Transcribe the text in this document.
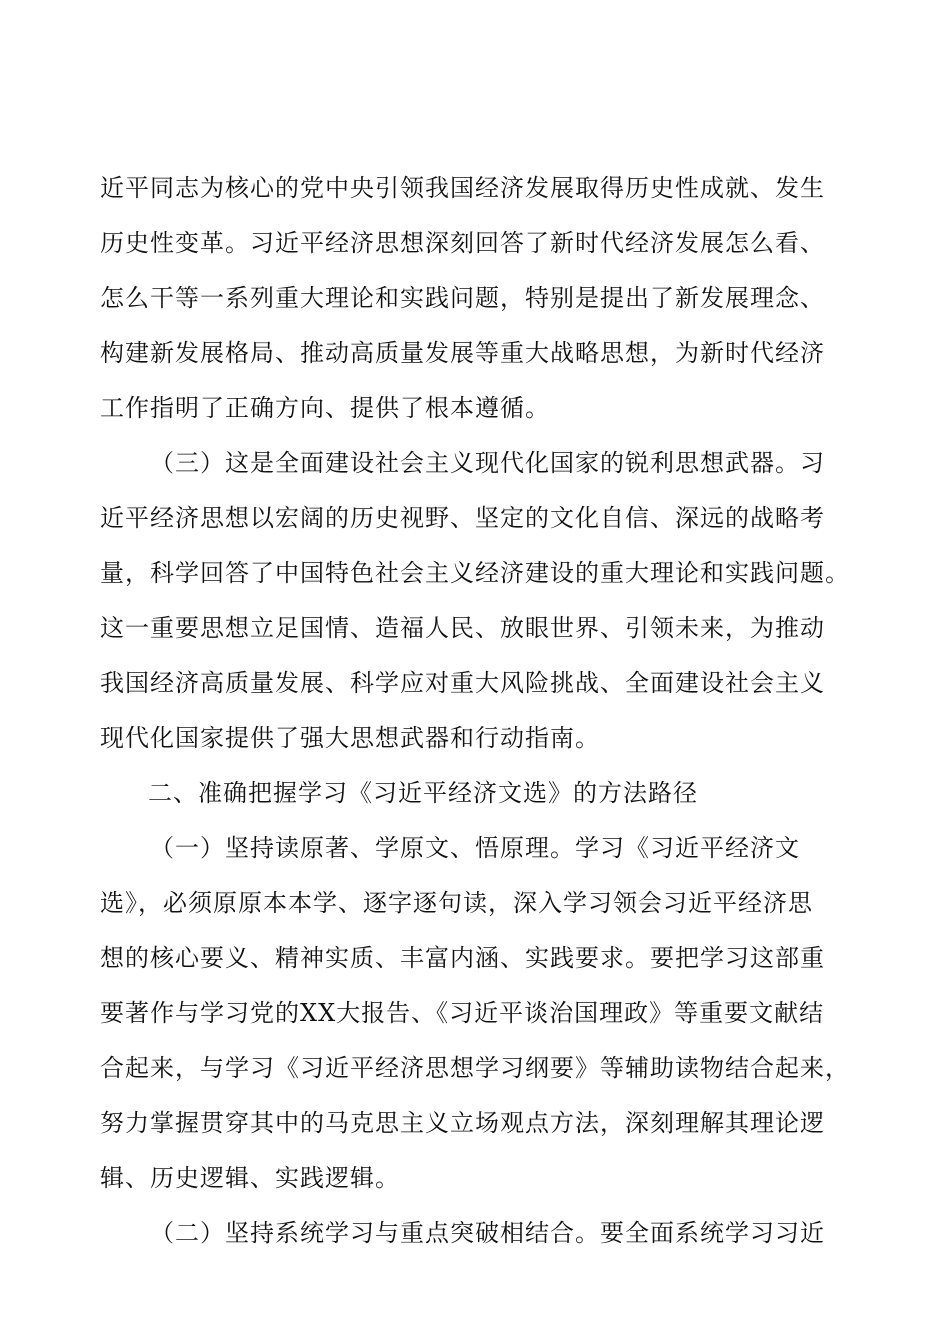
近平同志为核心的党中央引领我国经济发展取得历史性成就、发生
历史性变革。习近平经济思想深刻回答了新时代经济发展怎么看、
怎么干等一系列重大理论和实践问题，特别是提出了新发展理念、
构建新发展格局、推动高质量发展等重大战略思想，为新时代经济
工作指明了正确方向、提供了根本遵循。
（三）这是全面建设社会主义现代化国家的锐利思想武器。习
近平经济思想以宏阔的历史视野、坚定的文化自信、深远的战略考
量，科学回答了中国特色社会主义经济建设的重大理论和实践问题。
这一重要思想立足国情、造福人民、放眼世界、引领未来，为推动
我国经济高质量发展、科学应对重大风险挑战、全面建设社会主义
现代化国家提供了强大思想武器和行动指南。
二、准确把握学习《习近平经济文选》的方法路径
（一）坚持读原著、学原文、悟原理。学习《习近平经济文
选》，必须原原本本学、逐字逐句读，深入学习领会习近平经济思
想的核心要义、精神实质、丰富内涵、实践要求。要把学习这部重
要著作与学习党的XX大报告、《习近平谈治国理政》等重要文献结
合起来，与学习《习近平经济思想学习纲要》等辅助读物结合起来，
努力掌握贯穿其中的马克思主义立场观点方法，深刻理解其理论逻
辑、历史逻辑、实践逻辑。
（二）坚持系统学习与重点突破相结合。要全面系统学习习近
